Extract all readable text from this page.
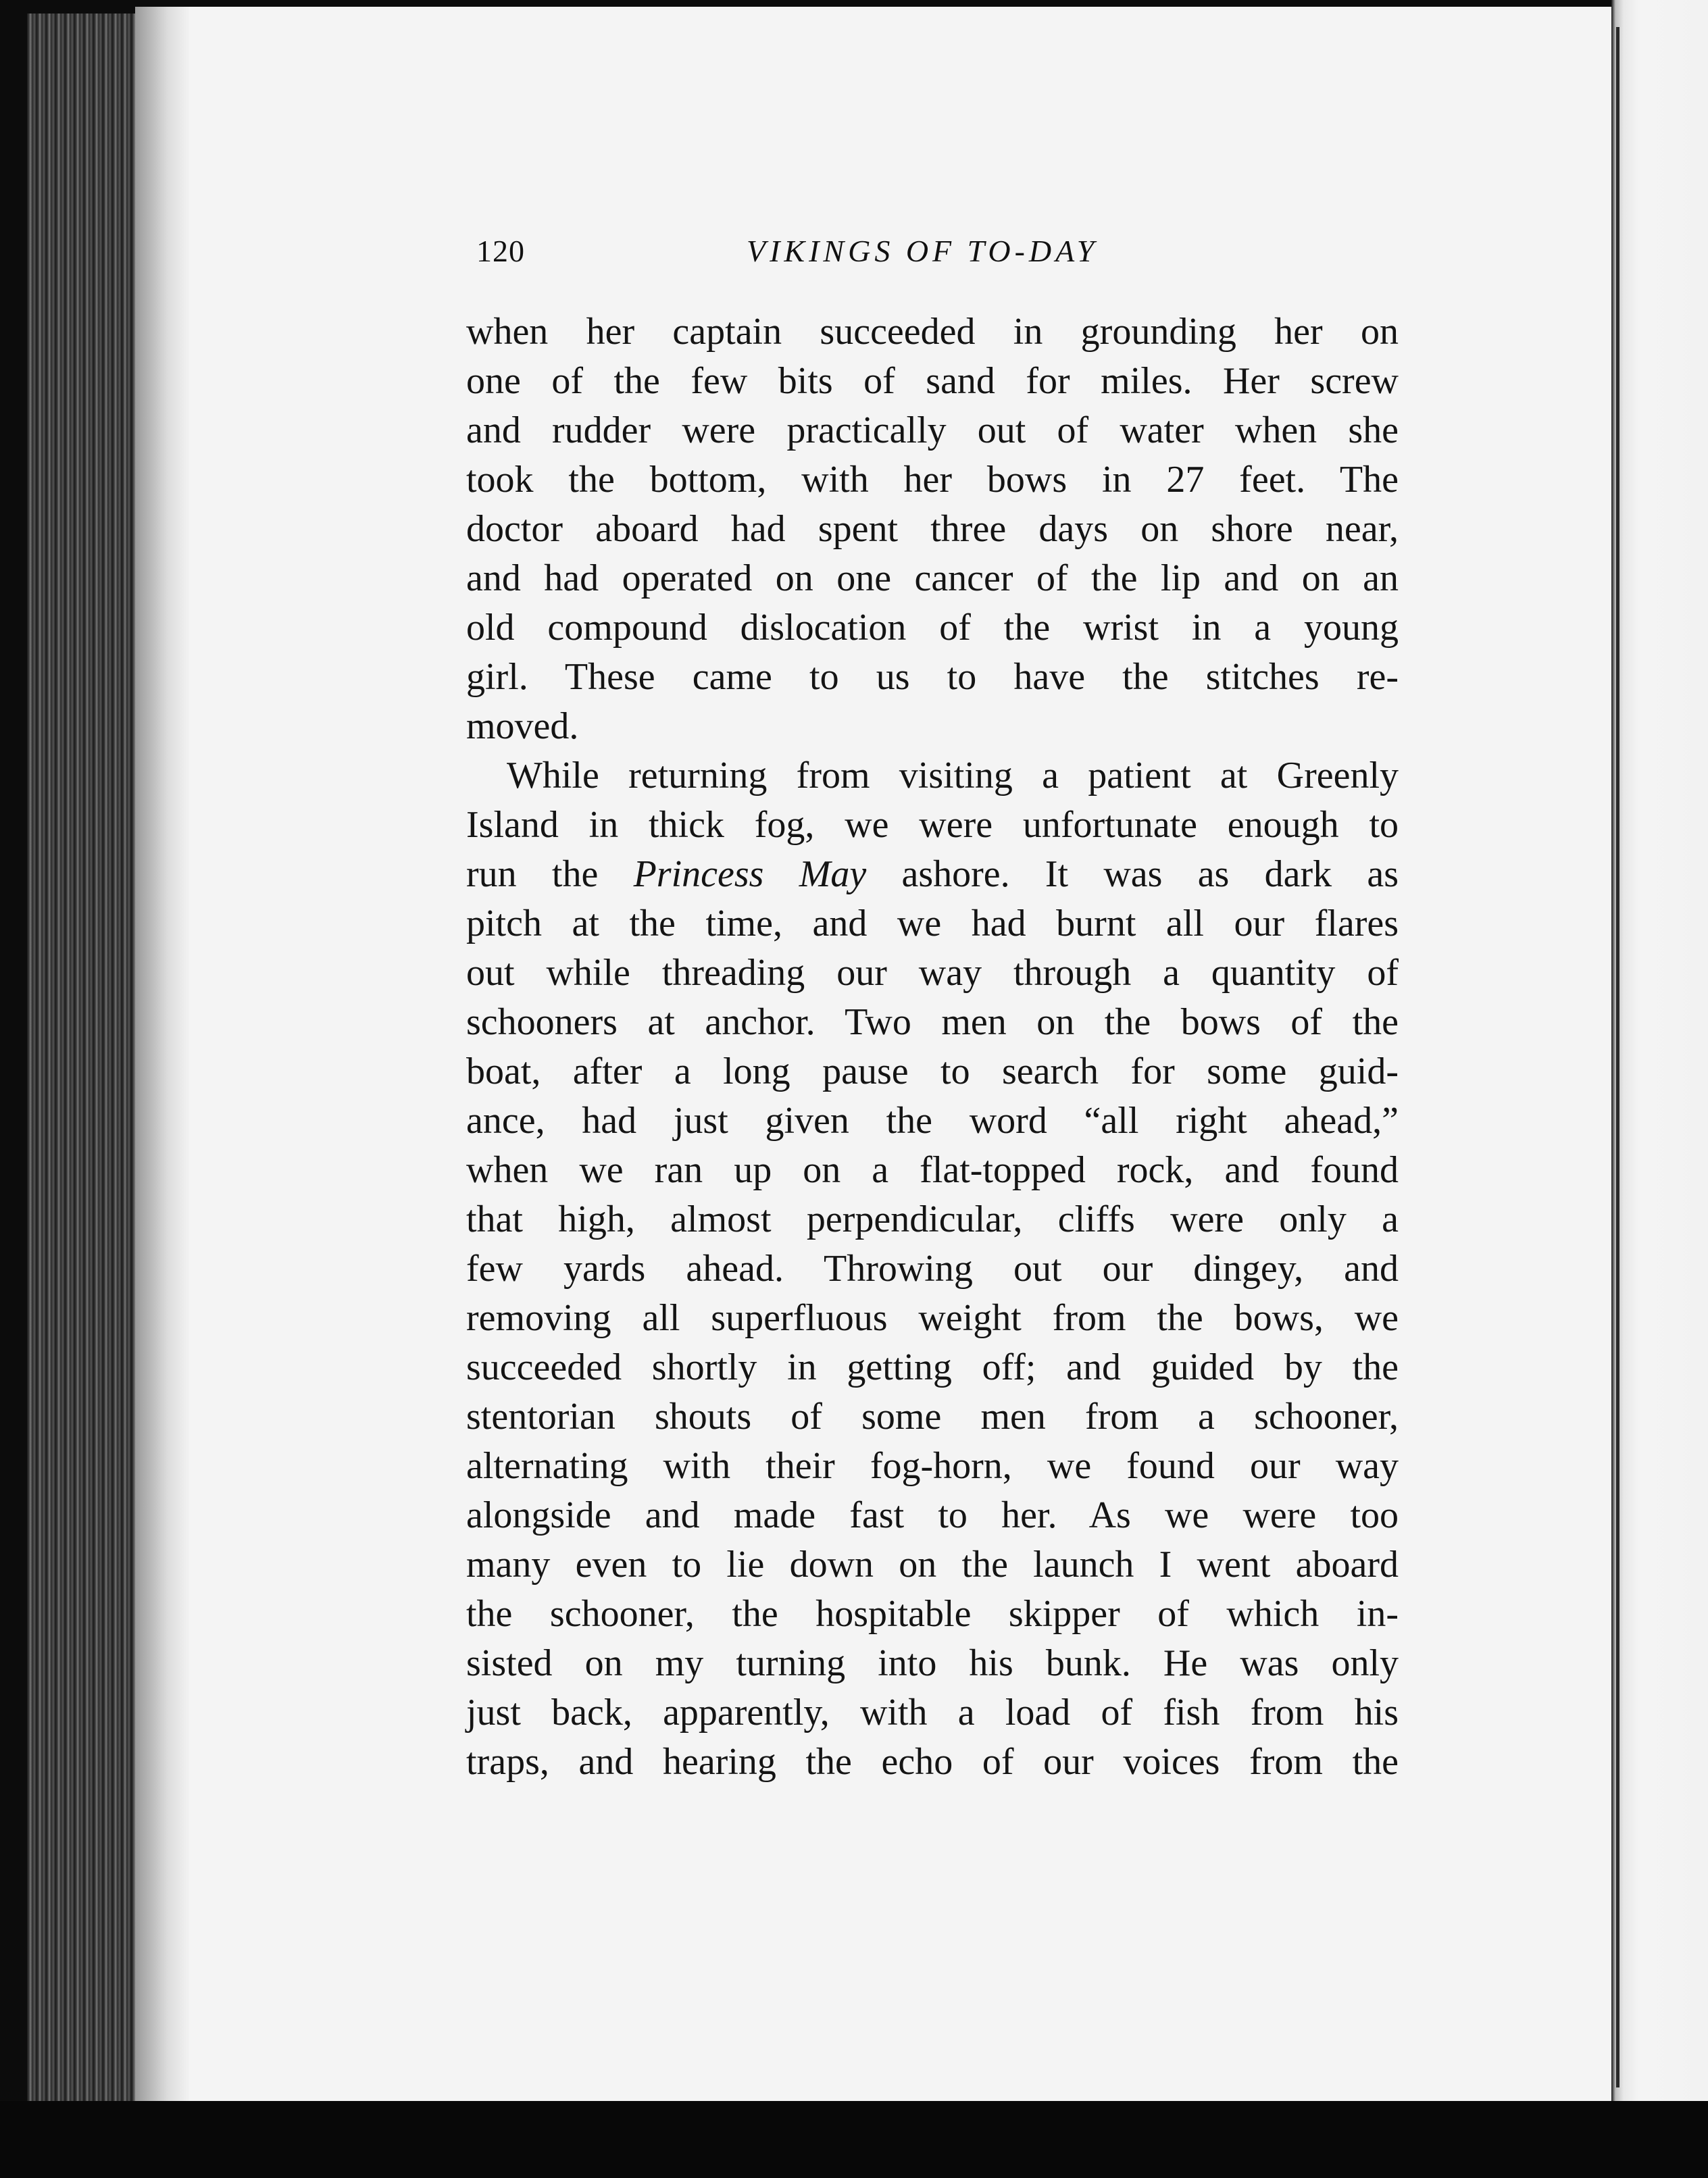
120	VIKINGS OF TO-DAY
when her captain succeeded in grounding her on
one of the few bits of sand for miles. Her screw
and rudder were practically out of water when she
took the bottom, with her bows in 27 feet. The
doctor aboard had spent three days on shore near,
and had operated on one cancer of the lip and on an
old compound dislocation of the wrist in a young
girl. These came to us to have the stitches re-
moved.
While returning from visiting a patient at Greenly
Island in thick fog, we were unfortunate enough to
run the Princess May ashore. It was as dark as
pitch at the time, and we had burnt all our flares
out while threading our way through a quantity of
schooners at anchor. Two men on the bows of the
boat, after a long pause to search for some guid-
ance, had just given the word “all right ahead,”
when we ran up on a flat-topped rock, and found
that high, almost perpendicular, cliffs were only a
few yards ahead. Throwing out our dingey, and
removing all superfluous weight from the bows, we
succeeded shortly in getting off; and guided by the
stentorian shouts of some men from a schooner,
alternating with their fog-horn, we found our way
alongside and made fast to her. As we were too
many even to lie down on the launch I went aboard
the schooner, the hospitable skipper of which in-
sisted on my turning into his bunk. He was only
just back, apparently, with a load of fish from his
traps, and hearing the echo of our voices from the
